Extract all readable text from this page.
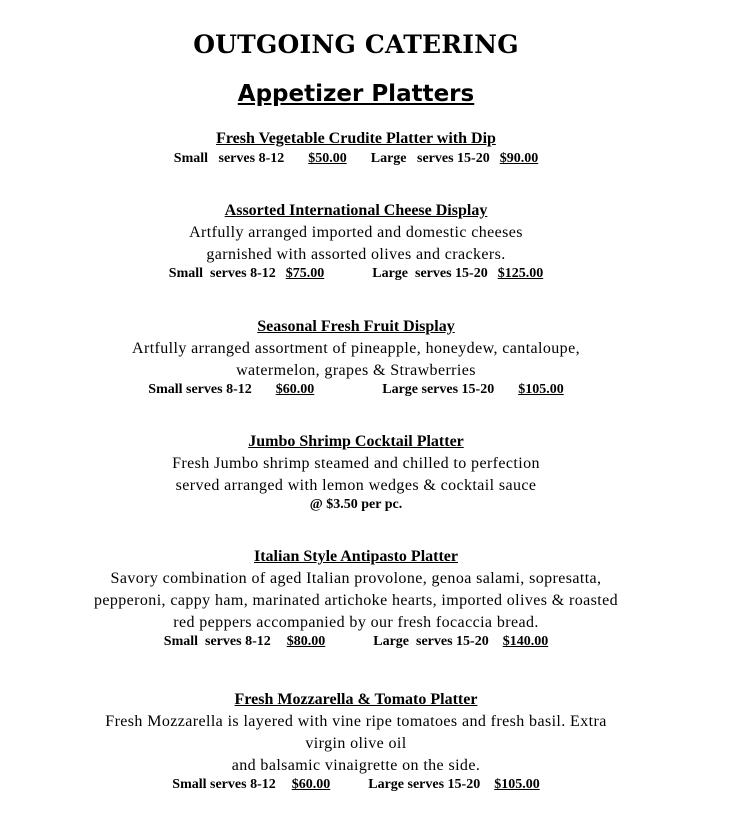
OUTGOING CATERING
Appetizer Platters
Fresh Vegetable Crudite Platter with Dip
Small   serves 8-12 $50.00 Large   serves 15-20 $90.00
Assorted International Cheese Display
Artfully arranged imported and domestic cheeses
garnished with assorted olives and crackers.
Small  serves 8-12 $75.00	Large  serves 15-20 $125.00
Seasonal Fresh Fruit Display
Artfully arranged assortment of pineapple, honeydew, cantaloupe,
watermelon, grapes & Strawberries
Small serves 8-12 $60.00	Large serves 15-20 $105.00
Jumbo Shrimp Cocktail Platter
Fresh Jumbo shrimp steamed and chilled to perfection
served arranged with lemon wedges & cocktail sauce
@ $3.50 per pc.
Italian Style Antipasto Platter
Savory combination of aged Italian provolone, genoa salami, sopresatta,
pepperoni, cappy ham, marinated artichoke hearts, imported olives & roasted
red peppers accompanied by our fresh focaccia bread.
Small  serves 8-12 $80.00	Large  serves 15-20 $140.00
Fresh Mozzarella & Tomato Platter
Fresh Mozzarella is layered with vine ripe tomatoes and fresh basil. Extra
virgin olive oil
and balsamic vinaigrette on the side.
Small serves 8-12 $60.00	Large serves 15-20 $105.00
